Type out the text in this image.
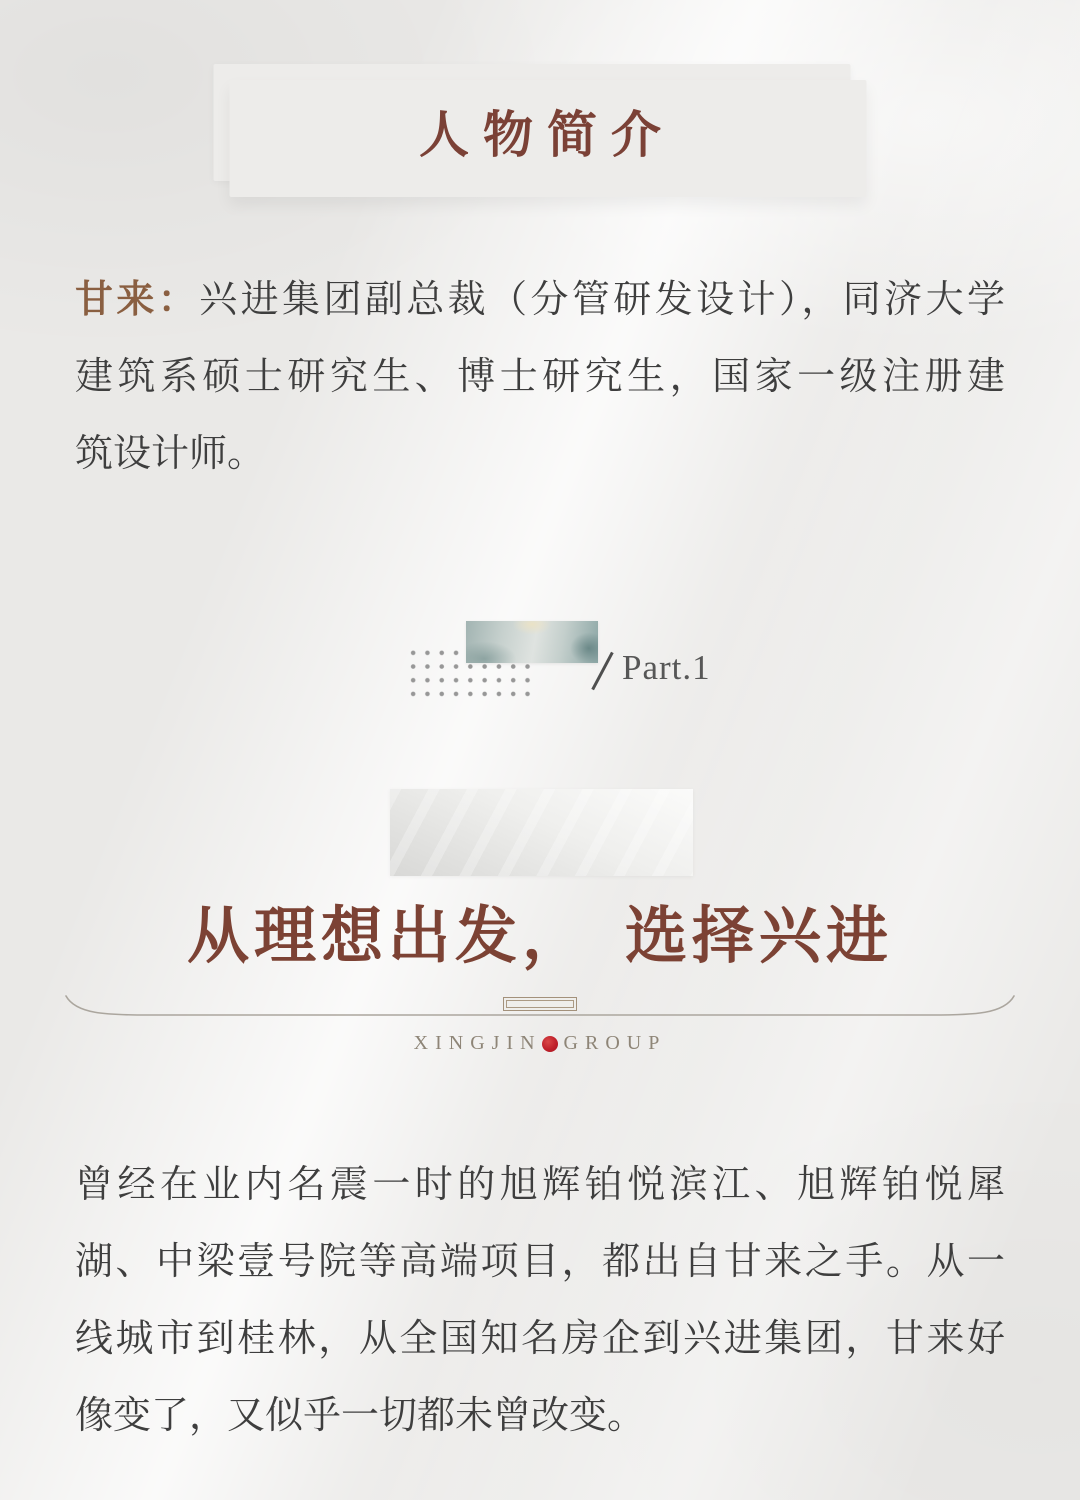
人物简介
甘来：兴进集团副总裁（分管研发设计），同济大学
建筑系硕士研究生、博士研究生，国家一级注册建
筑设计师。
Part.1
从理想出发，　选择兴进
XINGJIN GROUP
曾经在业内名震一时的旭辉铂悦滨江、旭辉铂悦犀
湖、中梁壹号院等高端项目，都出自甘来之手。从一
线城市到桂林，从全国知名房企到兴进集团，甘来好
像变了，又似乎一切都未曾改变。
